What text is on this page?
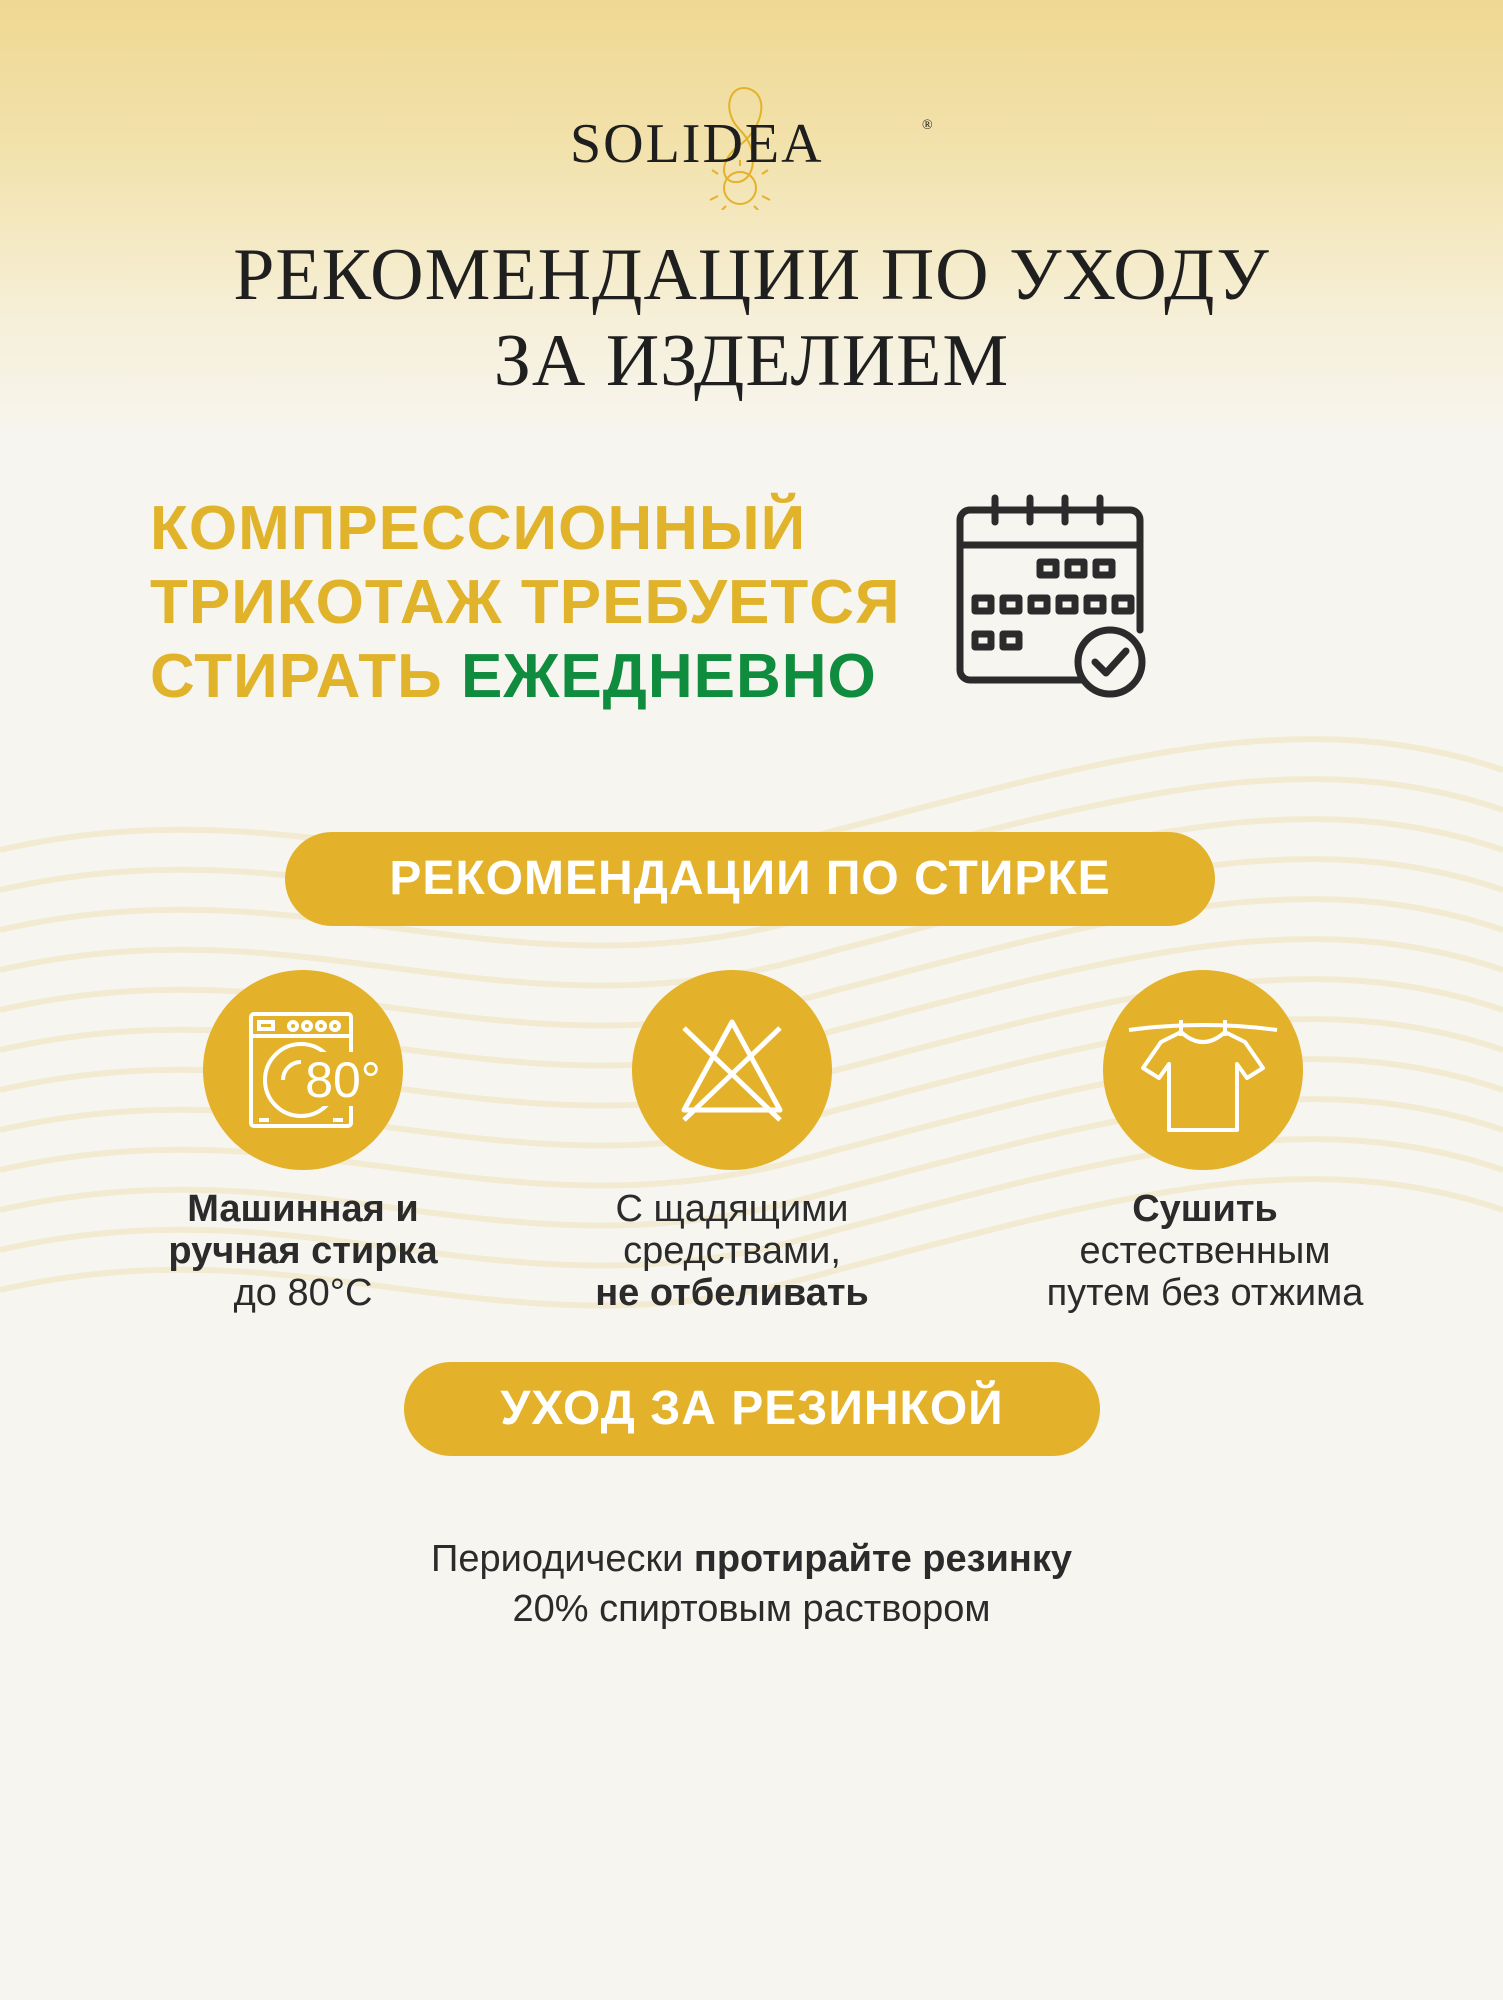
SOLIDEA	®
РЕКОМЕНДАЦИИ ПО УХОДУ
ЗА ИЗДЕЛИЕМ
КОМПРЕССИОННЫЙ
ТРИКОТАЖ ТРЕБУЕТСЯ
СТИРАТЬ ЕЖЕДНЕВНО
РЕКОМЕНДАЦИИ ПО СТИРКЕ
80°
Машинная и
ручная стирка
до 80°С
С щадящими
средствами,
не отбеливать
Сушить
естественным
путем без отжима
УХОД ЗА РЕЗИНКОЙ
Периодически протирайте резинку
20% спиртовым раствором
